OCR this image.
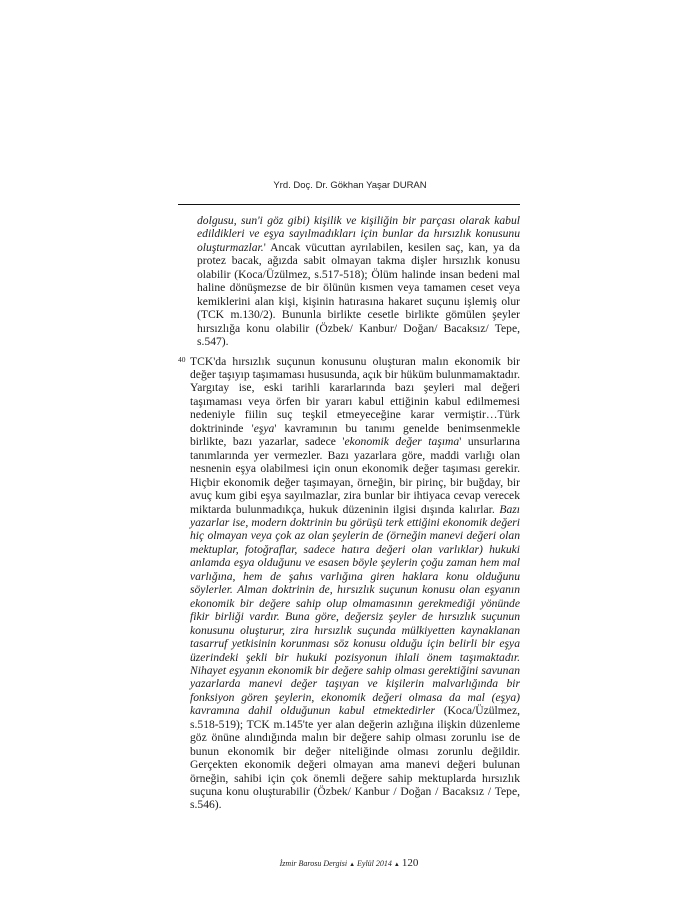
Yrd. Doç. Dr. Gökhan Yaşar DURAN
dolgusu, sun'i göz gibi) kişilik ve kişiliğin bir parçası olarak kabul edildikleri ve eşya sayılmadıkları için bunlar da hırsızlık konusunu oluşturmazlar.' Ancak vücuttan ayrılabilen, kesilen saç, kan, ya da protez bacak, ağızda sabit olmayan takma dişler hırsızlık konusu olabilir (Koca/Üzülmez, s.517-518); Ölüm halinde insan bedeni mal haline dönüşmezse de bir ölünün kısmen veya tamamen ceset veya kemiklerini alan kişi, kişinin hatırasına hakaret suçunu işlemiş olur (TCK m.130/2). Bununla birlikte cesetle birlikte gömülen şeyler hırsızlığa konu olabilir (Özbek/ Kanbur/ Doğan/ Bacaksız/ Tepe, s.547).
40 TCK'da hırsızlık suçunun konusunu oluşturan malın ekonomik bir değer taşıyıp taşımaması hususunda, açık bir hüküm bulunmamaktadır. Yargıtay ise, eski tarihli kararlarında bazı şeyleri mal değeri taşımaması veya örfen bir yararı kabul ettiğinin kabul edilmemesi nedeniyle fiilin suç teşkil etmeyeceğine karar vermiştir…Türk doktrininde 'eşya' kavramının bu tanımı genelde benimsenmekle birlikte, bazı yazarlar, sadece 'ekonomik değer taşıma' unsurlarına tanımlarında yer vermezler. Bazı yazarlara göre, maddi varlığı olan nesnenin eşya olabilmesi için onun ekonomik değer taşıması gerekir. Hiçbir ekonomik değer taşımayan, örneğin, bir pirinç, bir buğday, bir avuç kum gibi eşya sayılmazlar, zira bunlar bir ihtiyaca cevap verecek miktarda bulunmadıkça, hukuk düzeninin ilgisi dışında kalırlar. Bazı yazarlar ise, modern doktrinin bu görüşü terk ettiğini ekonomik değeri hiç olmayan veya çok az olan şeylerin de (örneğin manevi değeri olan mektuplar, fotoğraflar, sadece hatıra değeri olan varlıklar) hukuki anlamda eşya olduğunu ve esasen böyle şeylerin çoğu zaman hem mal varlığına, hem de şahıs varlığına giren haklara konu olduğunu söylerler. Alman doktrinin de, hırsızlık suçunun konusu olan eşyanın ekonomik bir değere sahip olup olmamasının gerekmediği yönünde fikir birliği vardır. Buna göre, değersiz şeyler de hırsızlık suçunun konusunu oluşturur, zira hırsızlık suçunda mülkiyetten kaynaklanan tasarruf yetkisinin korunması söz konusu olduğu için belirli bir eşya üzerindeki şekli bir hukuki pozisyonun ihlali önem taşımaktadır. Nihayet eşyanın ekonomik bir değere sahip olması gerektiğini savunan yazarlarda manevi değer taşıyan ve kişilerin malvarlığında bir fonksiyon gören şeylerin, ekonomik değeri olmasa da mal (eşya) kavramına dahil olduğunun kabul etmektedirler (Koca/Üzülmez, s.518-519); TCK m.145'te yer alan değerin azlığına ilişkin düzenleme göz önüne alındığında malın bir değere sahip olması zorunlu ise de bunun ekonomik bir değer niteliğinde olması zorunlu değildir. Gerçekten ekonomik değeri olmayan ama manevi değeri bulunan örneğin, sahibi için çok önemli değere sahip mektuplarda hırsızlık suçuna konu oluşturabilir (Özbek/ Kanbur / Doğan / Bacaksız / Tepe, s.546).
İzmir Barosu Dergisi ▲ Eylül 2014 ▲ 120
